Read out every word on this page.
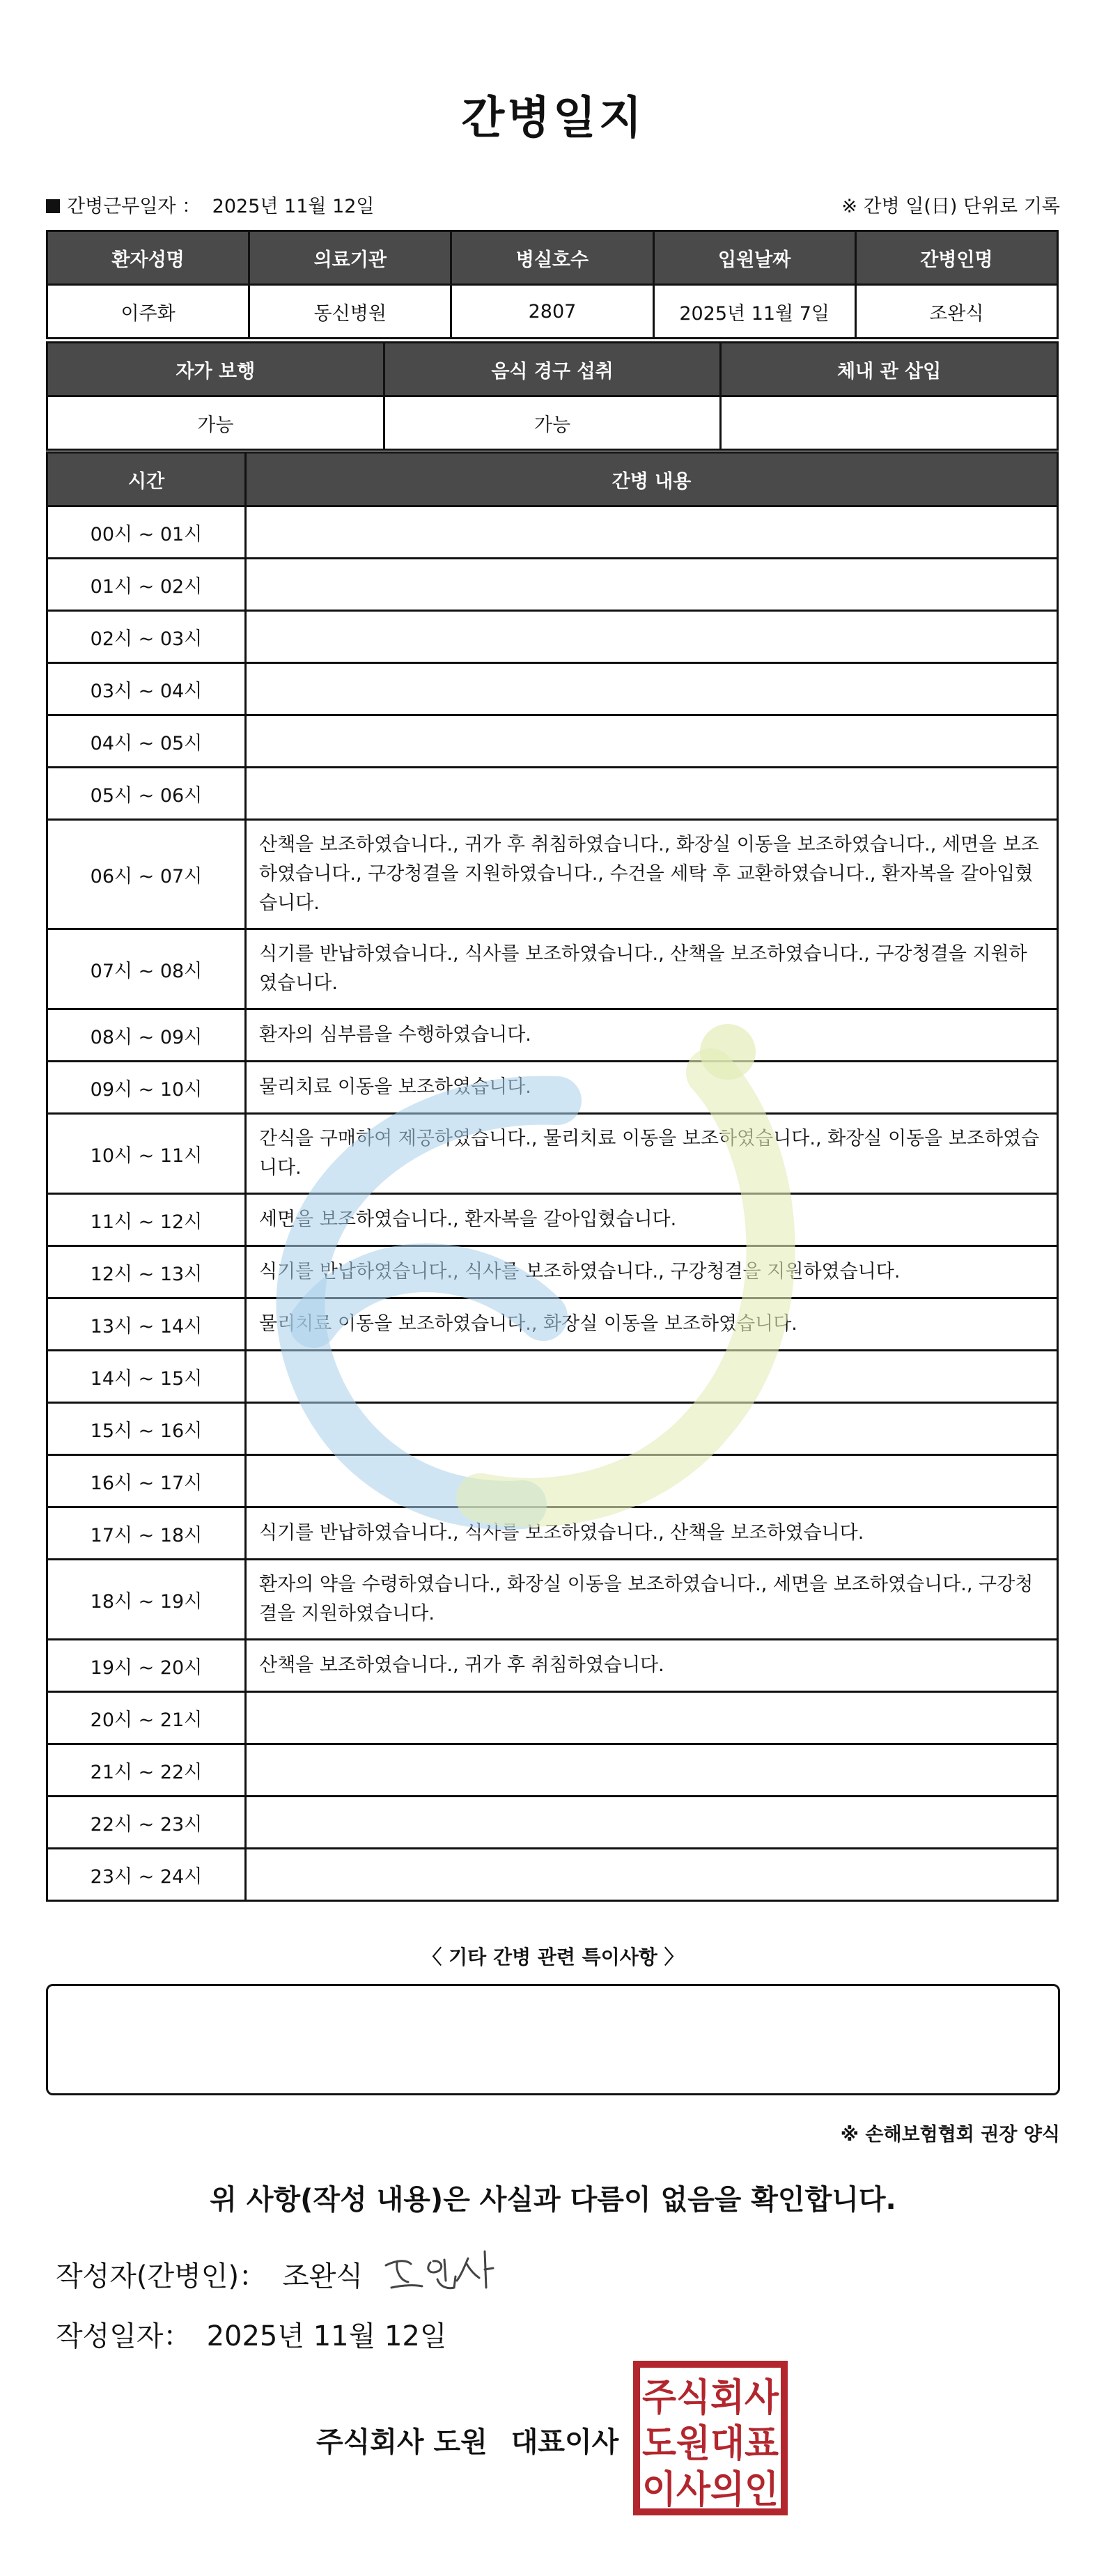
간병일지
간병근무일자 ： 2025년 11월 12일	※ 간병 일(日) 단위로 기록
환자성명	의료기관	병실호수	입원날짜	간병인명
이주화	동신병원	2807	2025년 11월 7일	조완식
자가 보행	음식 경구 섭취	체내 관 삽입
가능	가능	
시간	간병 내용
00시 ~ 01시	
01시 ~ 02시	
02시 ~ 03시	
03시 ~ 04시	
04시 ~ 05시	
05시 ~ 06시	
06시 ~ 07시	산책을 보조하였습니다., 귀가 후 취침하였습니다., 화장실 이동을 보조하였습니다., 세면을 보조하였습니다., 구강청결을 지원하였습니다., 수건을 세탁 후 교환하였습니다., 환자복을 갈아입혔습니다.
07시 ~ 08시	식기를 반납하였습니다., 식사를 보조하였습니다., 산책을 보조하였습니다., 구강청결을 지원하였습니다.
08시 ~ 09시	환자의 심부름을 수행하였습니다.
09시 ~ 10시	물리치료 이동을 보조하였습니다.
10시 ~ 11시	간식을 구매하여 제공하였습니다., 물리치료 이동을 보조하였습니다., 화장실 이동을 보조하였습니다.
11시 ~ 12시	세면을 보조하였습니다., 환자복을 갈아입혔습니다.
12시 ~ 13시	식기를 반납하였습니다., 식사를 보조하였습니다., 구강청결을 지원하였습니다.
13시 ~ 14시	물리치료 이동을 보조하였습니다., 화장실 이동을 보조하였습니다.
14시 ~ 15시	
15시 ~ 16시	
16시 ~ 17시	
17시 ~ 18시	식기를 반납하였습니다., 식사를 보조하였습니다., 산책을 보조하였습니다.
18시 ~ 19시	환자의 약을 수령하였습니다., 화장실 이동을 보조하였습니다., 세면을 보조하였습니다., 구강청결을 지원하였습니다.
19시 ~ 20시	산책을 보조하였습니다., 귀가 후 취침하였습니다.
20시 ~ 21시	
21시 ~ 22시	
22시 ~ 23시	
23시 ~ 24시	
〈 기타 간병 관련 특이사항 〉
※ 손해보험협회 권장 양식
위 사항(작성 내용)은 사실과 다름이 없음을 확인합니다.
작성자(간병인)： 조완식
작성일자： 2025년 11월 12일
주식회사 도원 대표이사
주식회사
도원대표
이사의인
